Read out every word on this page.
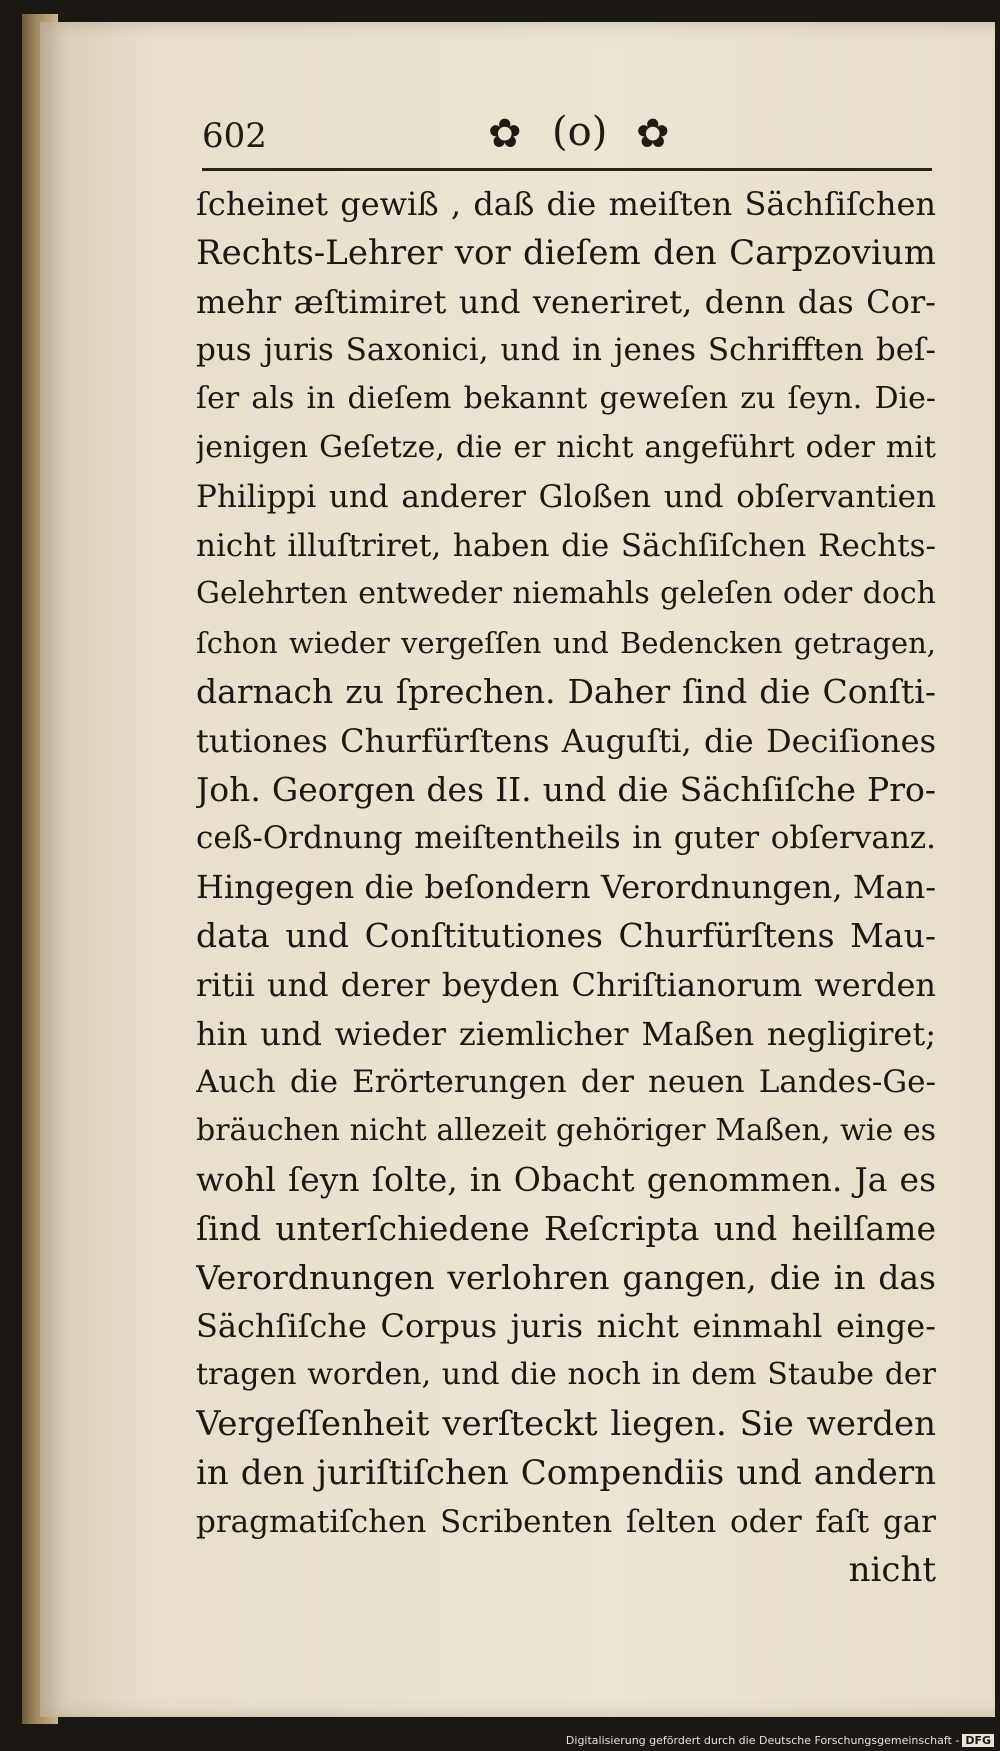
602	✿ (o) ✿
ſcheinet gewiß , daß die meiſten Sächſiſchen
Rechts-Lehrer vor dieſem den Carpzovium
mehr æſtimiret und veneriret, denn das Cor-
pus juris Saxonici, und in jenes Schrifften beſ-
ſer als in dieſem bekannt geweſen zu ſeyn. Die-
jenigen Geſetze, die er nicht angeführt oder mit
Philippi und anderer Gloßen und obſervantien
nicht illuſtriret, haben die Sächſiſchen Rechts-
Gelehrten entweder niemahls geleſen oder doch
ſchon wieder vergeſſen und Bedencken getragen,
darnach zu ſprechen. Daher ſind die Conſti-
tutiones Churfürſtens Auguſti, die Deciſiones
Joh. Georgen des II. und die Sächſiſche Pro-
ceß-Ordnung meiſtentheils in guter obſervanz.
Hingegen die beſondern Verordnungen, Man-
data und Conſtitutiones Churfürſtens Mau-
ritii und derer beyden Chriſtianorum werden
hin und wieder ziemlicher Maßen negligiret;
Auch die Erörterungen der neuen Landes-Ge-
bräuchen nicht allezeit gehöriger Maßen, wie es
wohl ſeyn ſolte, in Obacht genommen. Ja es
ſind unterſchiedene Reſcripta und heilſame
Verordnungen verlohren gangen, die in das
Sächſiſche Corpus juris nicht einmahl einge-
tragen worden, und die noch in dem Staube der
Vergeſſenheit verſteckt liegen. Sie werden
in den juriſtiſchen Compendiis und andern
pragmatiſchen Scribenten ſelten oder faſt gar
nicht
Digitalisierung gefördert durch die Deutsche Forschungsgemeinschaft - DFG
